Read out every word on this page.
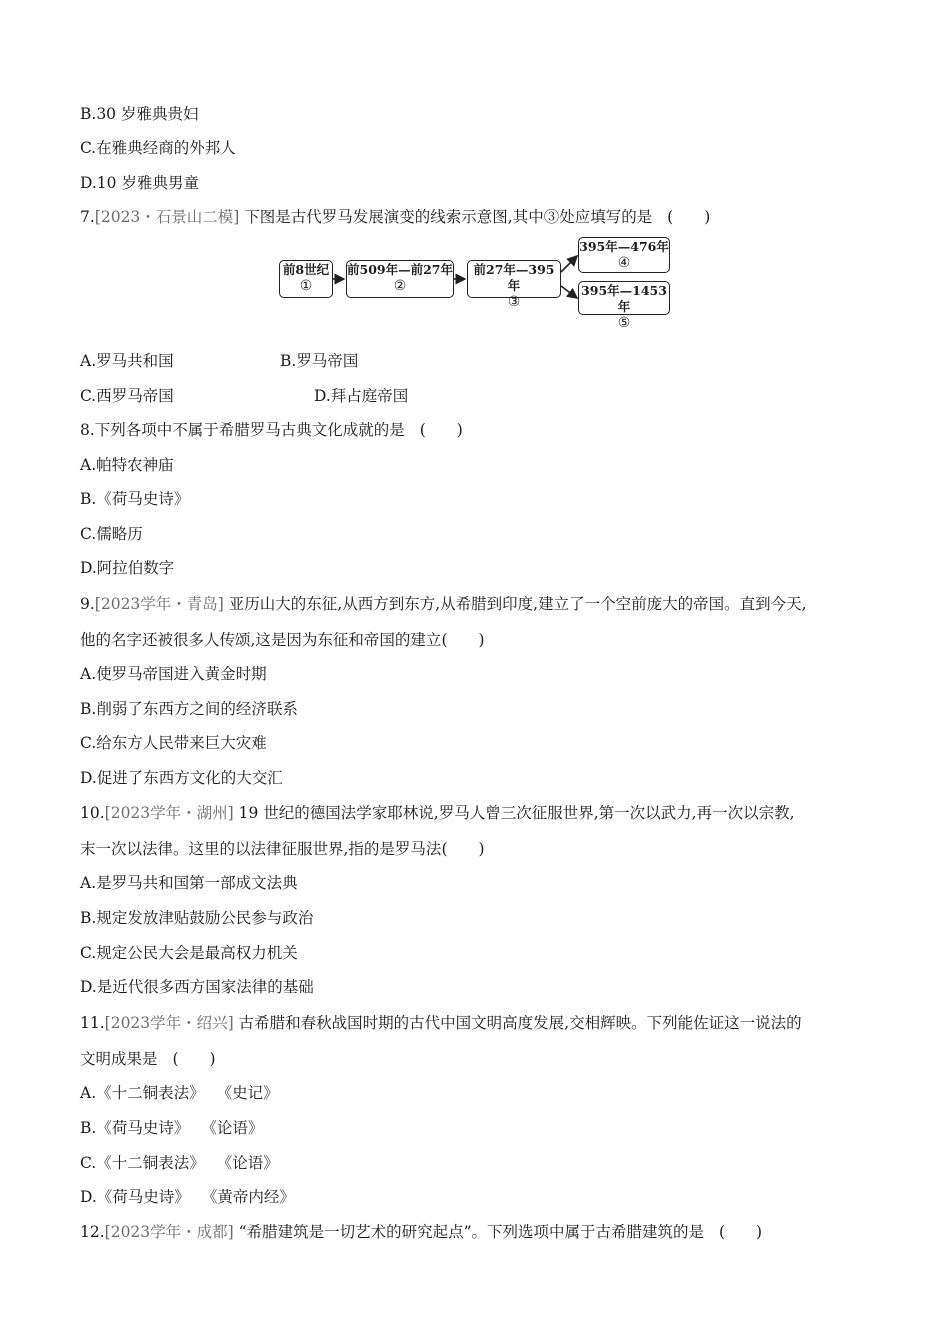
B.30 岁雅典贵妇
C.在雅典经商的外邦人
D.10 岁雅典男童
7.[2023・石景山二模] 下图是古代罗马发展演变的线索示意图,其中③处应填写的是 (　　)
前8世纪
①
前509年—前27年
②
前27年—395年
③
395年—476年
④
395年—1453年
⑤
A.罗马共和国	B.罗马帝国
C.西罗马帝国	D.拜占庭帝国
8.下列各项中不属于希腊罗马古典文化成就的是 (　　)
A.帕特农神庙
B.《荷马史诗》
C.儒略历
D.阿拉伯数字
9.[2023学年・青岛] 亚历山大的东征,从西方到东方,从希腊到印度,建立了一个空前庞大的帝国。直到今天,
他的名字还被很多人传颂,这是因为东征和帝国的建立(　　)
A.使罗马帝国进入黄金时期
B.削弱了东西方之间的经济联系
C.给东方人民带来巨大灾难
D.促进了东西方文化的大交汇
10.[2023学年・湖州] 19 世纪的德国法学家耶林说,罗马人曾三次征服世界,第一次以武力,再一次以宗教,
末一次以法律。这里的以法律征服世界,指的是罗马法(　　)
A.是罗马共和国第一部成文法典
B.规定发放津贴鼓励公民参与政治
C.规定公民大会是最高权力机关
D.是近代很多西方国家法律的基础
11.[2023学年・绍兴] 古希腊和春秋战国时期的古代中国文明高度发展,交相辉映。下列能佐证这一说法的
文明成果是 (　　)
A.《十二铜表法》 《史记》
B.《荷马史诗》 《论语》
C.《十二铜表法》 《论语》
D.《荷马史诗》 《黄帝内经》
12.[2023学年・成都] “希腊建筑是一切艺术的研究起点”。下列选项中属于古希腊建筑的是 (　　)
